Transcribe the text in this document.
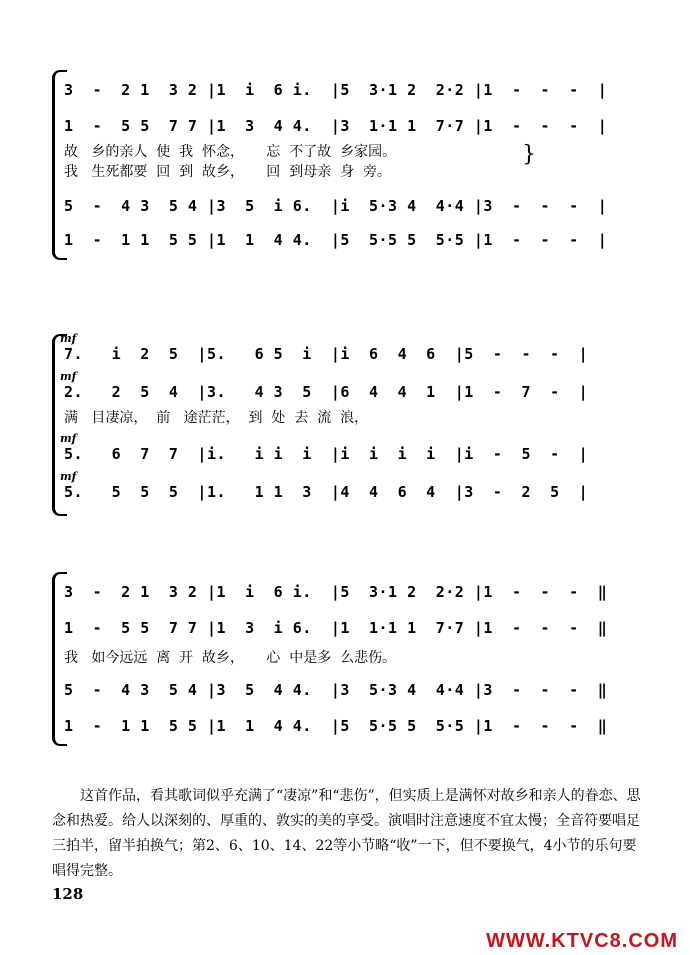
3  -  2 1  3 2 |1  i  6 i.  |5  3·1 2  2·2 |1  -  -  -  |
1  -  5 5  7 7 |1  3  4 4.  |3  1·1 1  7·7 |1  -  -  -  |
故   乡的亲人  使  我  怀念，     忘  不了故  乡家园。
我   生死都要  回  到  故乡，     回  到母亲  身  旁。
}
5  -  4 3  5 4 |3  5  i 6.  |i  5·3 4  4·4 |3  -  -  -  |
1  -  1 1  5 5 |1  1  4 4.  |5  5·5 5  5·5 |1  -  -  -  |
mf
7.   i  2  5  |5.   6 5  i  |i  6  4  6  |5  -  -  -  |
mf
2.   2  5  4  |3.   4 3  5  |6  4  4  1  |1  -  7  -  |
满   目凄凉，  前   途茫茫，  到  处  去  流  浪，
mf
5.   6  7  7  |i.   i i  i  |i  i  i  i  |i  -  5  -  |
mf
5.   5  5  5  |1.   1 1  3  |4  4  6  4  |3  -  2  5  |
3  -  2 1  3 2 |1  i  6 i.  |5  3·1 2  2·2 |1  -  -  -  ‖
1  -  5 5  7 7 |1  3  i 6.  |1  1·1 1  7·7 |1  -  -  -  ‖
我   如今远远  离  开  故乡，     心  中是多  么悲伤。
5  -  4 3  5 4 |3  5  4 4.  |3  5·3 4  4·4 |3  -  -  -  ‖
1  -  1 1  5 5 |1  1  4 4.  |5  5·5 5  5·5 |1  -  -  -  ‖

这首作品，看其歌词似乎充满了“凄凉”和“悲伤”，但实质上是满怀对故乡和亲人的眷恋、思念和热爱。给人以深刻的、厚重的、敦实的美的享受。演唱时注意速度不宜太慢；全音符要唱足三拍半，留半拍换气；第2、6、10、14、22等小节略“收”一下，但不要换气，4小节的乐句要唱得完整。

128
WWW.KTVC8.COM
